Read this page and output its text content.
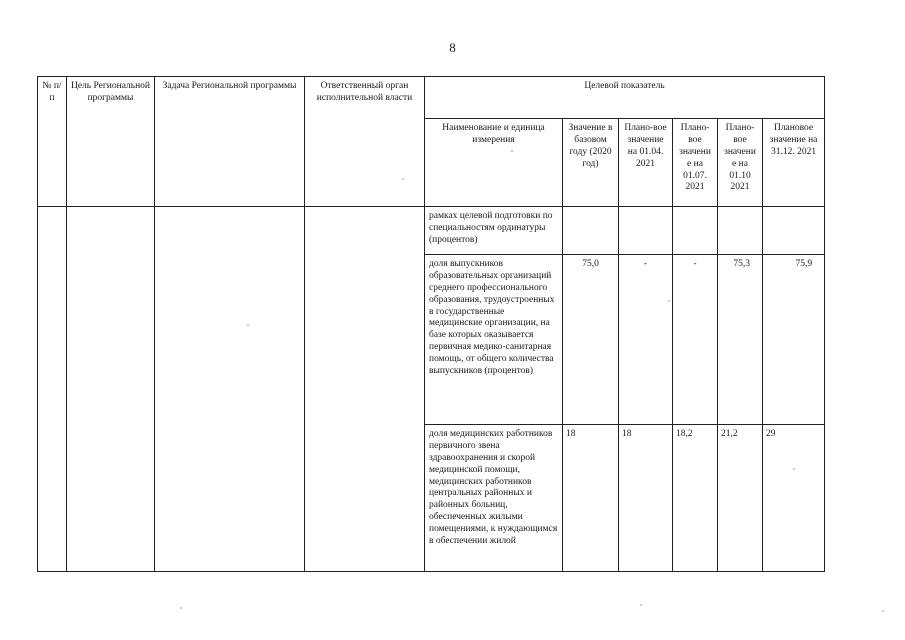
8
№ п/п	Цель Региональной программы	Задача Региональной программы	Ответственный орган исполнительной власти	Целевой показатель					
				Наименование и единица измерения	Значение в базовом году (2020 год)	Плано-вое значение на 01.04. 2021	Плано-вое значени е на 01.07. 2021	Плано-вое значени е на 01.10 2021	Плановое значение на 31.12. 2021
				рамках целевой подготовки по специальностям ординатуры (процентов)					
				доля выпускников образовательных организаций среднего профессионального образования, трудоустроенных в государственные медицинские организации, на базе которых оказывается первичная медико-санитарная помощь, от общего количества выпускников (процентов)	75,0	-	-	75,3	75,9
				доля медицинских работников первичного звена здравоохранения и скорой медицинской помощи, медицинских работников центральных районных и районных больниц, обеспеченных жилыми помещениями, к нуждающимся в обеспечении жилой	18	18	18,2	21,2	29
